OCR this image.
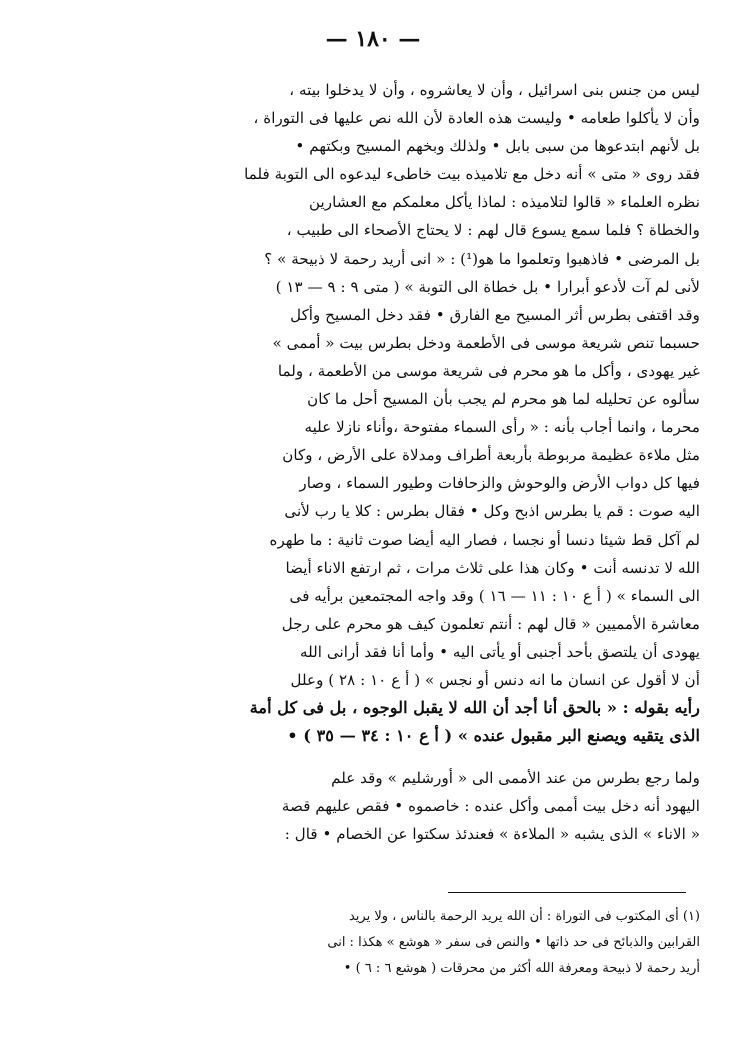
— ١٨٠ —

ليس من جنس بنى اسرائيل ، وأن لا يعاشروه ، وأن لا يدخلوا بيته ،
وأن لا يأكلوا طعامه • وليست هذه العادة لأن الله نص عليها فى التوراة ،
بل لأنهم ابتدعوها من سبى بابل • ولذلك وبخهم المسيح وبكتهم •
فقد روى « متى » أنه دخل مع تلاميذه بيت خاطىء ليدعوه الى التوبة فلما
نظره العلماء « قالوا لتلاميذه : لماذا يأكل معلمكم مع العشارين
والخطاة ؟ فلما سمع يسوع قال لهم : لا يحتاج الأصحاء الى طبيب ،
بل المرضى • فاذهبوا وتعلموا ما هو(¹) : « انى أريد رحمة لا ذبيحة » ؟
لأنى لم آت لأدعو أبرارا • بل خطاة الى التوبة » ( متى ٩ : ٩ — ١٣ )
وقد اقتفى بطرس أثر المسيح مع الفارق • فقد دخل المسيح وأكل
حسبما تنص شريعة موسى فى الأطعمة ودخل بطرس بيت « أممى »
غير يهودى ، وأكل ما هو محرم فى شريعة موسى من الأطعمة ، ولما
سألوه عن تحليله لما هو محرم لم يجب بأن المسيح أحل ما كان
محرما ، وانما أجاب بأنه : « رأى السماء مفتوحة ،وأناء نازلا عليه
مثل ملاءة عظيمة مربوطة بأربعة أطراف ومدلاة على الأرض ، وكان
فيها كل دواب الأرض والوحوش والزحافات وطيور السماء ، وصار
اليه صوت : قم يا بطرس اذبح وكل • فقال بطرس : كلا يا رب لأنى
لم آكل قط شيئا دنسا أو نجسا ، فصار اليه أيضا صوت ثانية : ما طهره
الله لا تدنسه أنت • وكان هذا على ثلاث مرات ، ثم ارتفع الاناء أيضا
الى السماء » ( أ ع ١٠ : ١١ — ١٦ ) وقد واجه المجتمعين برأيه فى
معاشرة الأمميين « قال لهم : أنتم تعلمون كيف هو محرم على رجل
يهودى أن يلتصق بأحد أجنبى أو يأتى اليه • وأما أنا فقد أرانى الله
أن لا أقول عن انسان ما انه دنس أو نجس » ( أ ع ١٠ : ٢٨ ) وعلل
رأيه بقوله : « بالحق أنا أجد أن الله لا يقبل الوجوه ، بل فى كل أمة
الذى يتقيه ويصنع البر مقبول عنده » ( أ ع ١٠ : ٣٤ — ٣٥ ) •

ولما رجع بطرس من عند الأممى الى « أورشليم » وقد علم
اليهود أنه دخل بيت أممى وأكل عنده : خاصموه • فقص عليهم قصة
« الاناء » الذى يشبه « الملاءة » فعندئذ سكتوا عن الخصام • قال :

(١) أى المكتوب فى التوراة : أن الله يريد الرحمة بالناس ، ولا يريد
القرابين والذبائح فى حد ذاتها • والنص فى سفر « هوشع » هكذا : انى
أريد رحمة لا ذبيحة ومعرفة الله أكثر من محرقات ( هوشع ٦ : ٦ ) •
